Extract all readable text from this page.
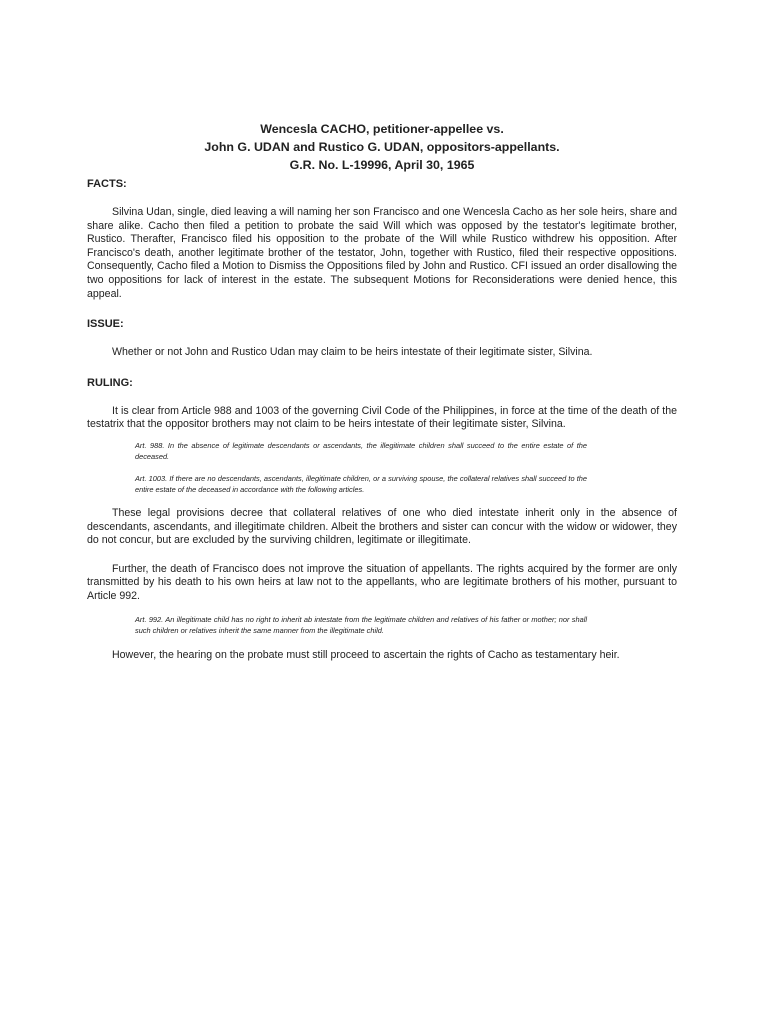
Wencesla CACHO, petitioner-appellee vs.

John G. UDAN and Rustico G. UDAN, oppositors-appellants.

G.R. No. L-19996, April 30, 1965

FACTS:

Silvina Udan, single, died leaving a will naming her son Francisco and one Wencesla Cacho as her sole heirs, share and share alike. Cacho then filed a petition to probate the said Will which was opposed by the testator's legitimate brother, Rustico. Therafter, Francisco filed his opposition to the probate of the Will while Rustico withdrew his opposition. After Francisco's death, another legitimate brother of the testator, John, together with Rustico, filed their respective oppositions. Consequently, Cacho filed a Motion to Dismiss the Oppositions filed by John and Rustico. CFI issued an order disallowing the two oppositions for lack of interest in the estate. The subsequent Motions for Reconsiderations were denied hence, this appeal.

ISSUE:

Whether or not John and Rustico Udan may claim to be heirs intestate of their legitimate sister, Silvina.

RULING:

It is clear from Article 988 and 1003 of the governing Civil Code of the Philippines, in force at the time of the death of the testatrix that the oppositor brothers may not claim to be heirs intestate of their legitimate sister, Silvina.

Art. 988. In the absence of legitimate descendants or ascendants, the illegitimate children shall succeed to the entire estate of the deceased.

Art. 1003. If there are no descendants, ascendants, illegitimate children, or a surviving spouse, the collateral relatives shall succeed to the entire estate of the deceased in accordance with the following articles.

These legal provisions decree that collateral relatives of one who died intestate inherit only in the absence of descendants, ascendants, and illegitimate children. Albeit the brothers and sister can concur with the widow or widower, they do not concur, but are excluded by the surviving children, legitimate or illegitimate.

Further, the death of Francisco does not improve the situation of appellants. The rights acquired by the former are only transmitted by his death to his own heirs at law not to the appellants, who are legitimate brothers of his mother, pursuant to Article 992.

Art. 992. An illegitimate child has no right to inherit ab intestate from the legitimate children and relatives of his father or mother; nor shall such children or relatives inherit the same manner from the illegitimate child.

However, the hearing on the probate must still proceed to ascertain the rights of Cacho as testamentary heir.
